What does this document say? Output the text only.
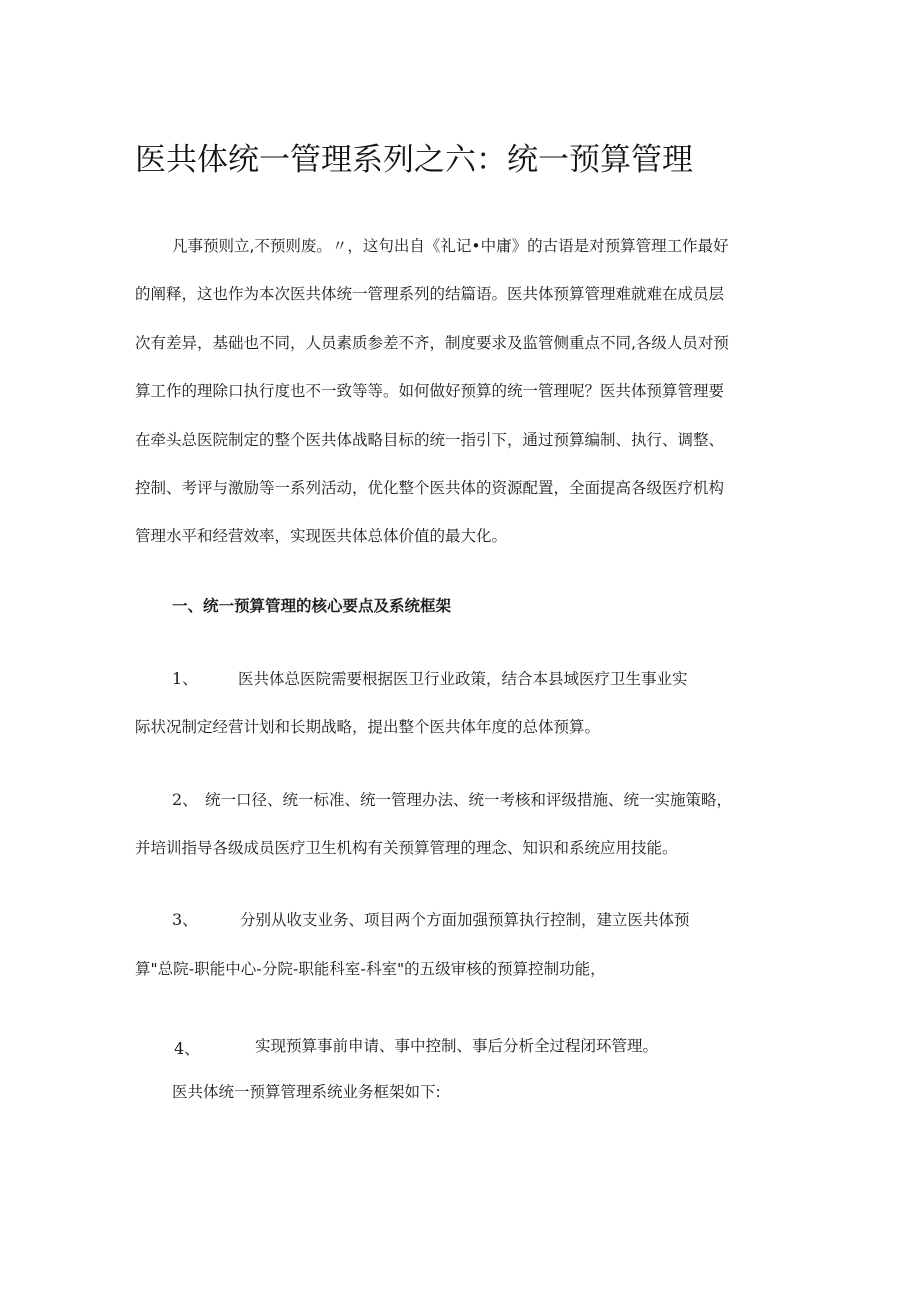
医共体统一管理系列之六：统一预算管理
凡事预则立,不预则废。〃，这句出自《礼记•中庸》的古语是对预算管理工作最好
的阐释，这也作为本次医共体统一管理系列的结篇语。医共体预算管理难就难在成员层
次有差异，基础也不同，人员素质参差不齐，制度要求及监管侧重点不同,各级人员对预
算工作的理除口执行度也不一致等等。如何做好预算的统一管理呢？医共体预算管理要
在牵头总医院制定的整个医共体战略目标的统一指引下，通过预算编制、执行、调整、
控制、考评与激励等一系列活动，优化整个医共体的资源配置，全面提高各级医疗机构
管理水平和经营效率，实现医共体总体价值的最大化。
一、统一预算管理的核心要点及系统框架
1、	医共体总医院需要根据医卫行业政策，结合本县域医疗卫生事业实
际状况制定经营计划和长期战略，提出整个医共体年度的总体预算。
2、 统一口径、统一标准、统一管理办法、统一考核和评级措施、统一实施策略，
并培训指导各级成员医疗卫生机构有关预算管理的理念、知识和系统应用技能。
3、	分别从收支业务、项目两个方面加强预算执行控制，建立医共体预
算"总院-职能中心-分院-职能科室-科室"的五级审核的预算控制功能，
4、	实现预算事前申请、事中控制、事后分析全过程闭环管理。
医共体统一预算管理系统业务框架如下:
